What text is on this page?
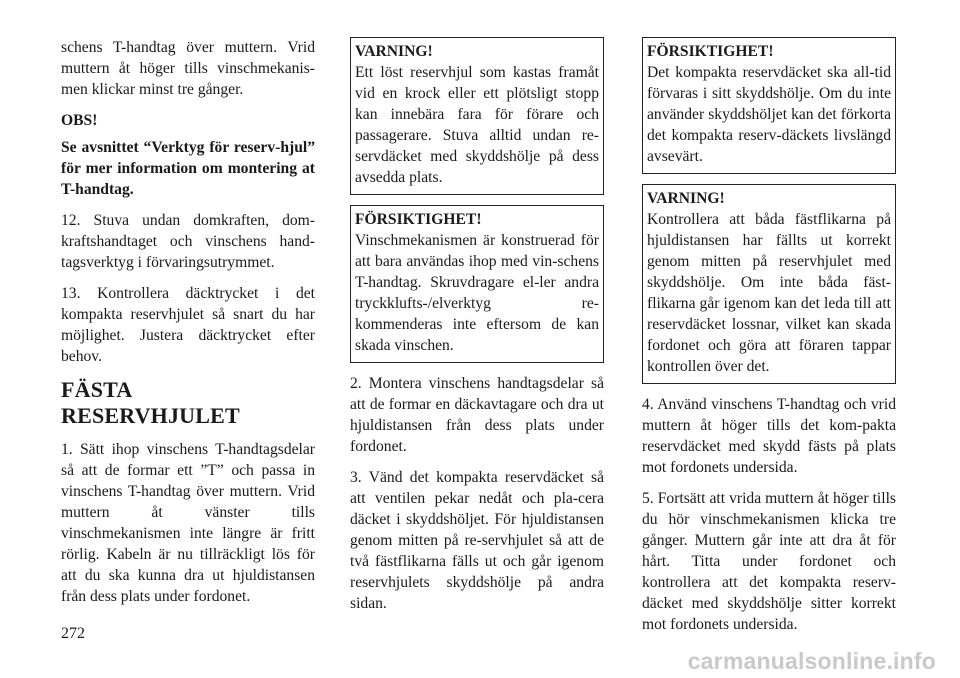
schens T-handtag över muttern. Vrid muttern åt höger tills vinschmekanis-men klickar minst tre gånger.

OBS!

Se avsnittet “Verktyg för reserv-hjul” för mer information om montering at T-handtag.

12. Stuva undan domkraften, dom-kraftshandtaget och vinschens hand-tagsverktyg i förvaringsutrymmet.

13. Kontrollera däcktrycket i det kompakta reservhjulet så snart du har möjlighet. Justera däcktrycket efter behov.

FÄSTA RESERVHJULET

1. Sätt ihop vinschens T-handtagsdelar så att de formar ett ”T” och passa in vinschens T-handtag över muttern. Vrid muttern åt vänster tills vinschmekanismen inte längre är fritt rörlig. Kabeln är nu tillräckligt lös för att du ska kunna dra ut hjuldistansen från dess plats under fordonet.

VARNING!
Ett löst reservhjul som kastas framåt vid en krock eller ett plötsligt stopp kan innebära fara för förare och passagerare. Stuva alltid undan re-servdäcket med skyddshölje på dess avsedda plats.
FÖRSIKTIGHET!
Vinschmekanismen är konstruerad för att bara användas ihop med vin-schens T-handtag. Skruvdragare el-ler andra tryckklufts-/elverktyg re-kommenderas inte eftersom de kan skada vinschen.

2. Montera vinschens handtagsdelar så att de formar en däckavtagare och dra ut hjuldistansen från dess plats under fordonet.

3. Vänd det kompakta reservdäcket så att ventilen pekar nedåt och pla-cera däcket i skyddshöljet. För hjuldistansen genom mitten på re-servhjulet så att de två fästflikarna fälls ut och går igenom reservhjulets skyddshölje på andra sidan.

FÖRSIKTIGHET!
Det kompakta reservdäcket ska all-tid förvaras i sitt skyddshölje. Om du inte använder skyddshöljet kan det förkorta det kompakta reserv-däckets livslängd avsevärt.
VARNING!
Kontrollera att båda fästflikarna på hjuldistansen har fällts ut korrekt genom mitten på reservhjulet med skyddshölje. Om inte båda fäst-flikarna går igenom kan det leda till att reservdäcket lossnar, vilket kan skada fordonet och göra att föraren tappar kontrollen över det.

4. Använd vinschens T-handtag och vrid muttern åt höger tills det kom-pakta reservdäcket med skydd fästs på plats mot fordonets undersida.

5. Fortsätt att vrida muttern åt höger tills du hör vinschmekanismen klicka tre gånger. Muttern går inte att dra åt för hårt. Titta under fordonet och kontrollera att det kompakta reserv-däcket med skyddshölje sitter korrekt mot fordonets undersida.

272
carmanualsonline.info
